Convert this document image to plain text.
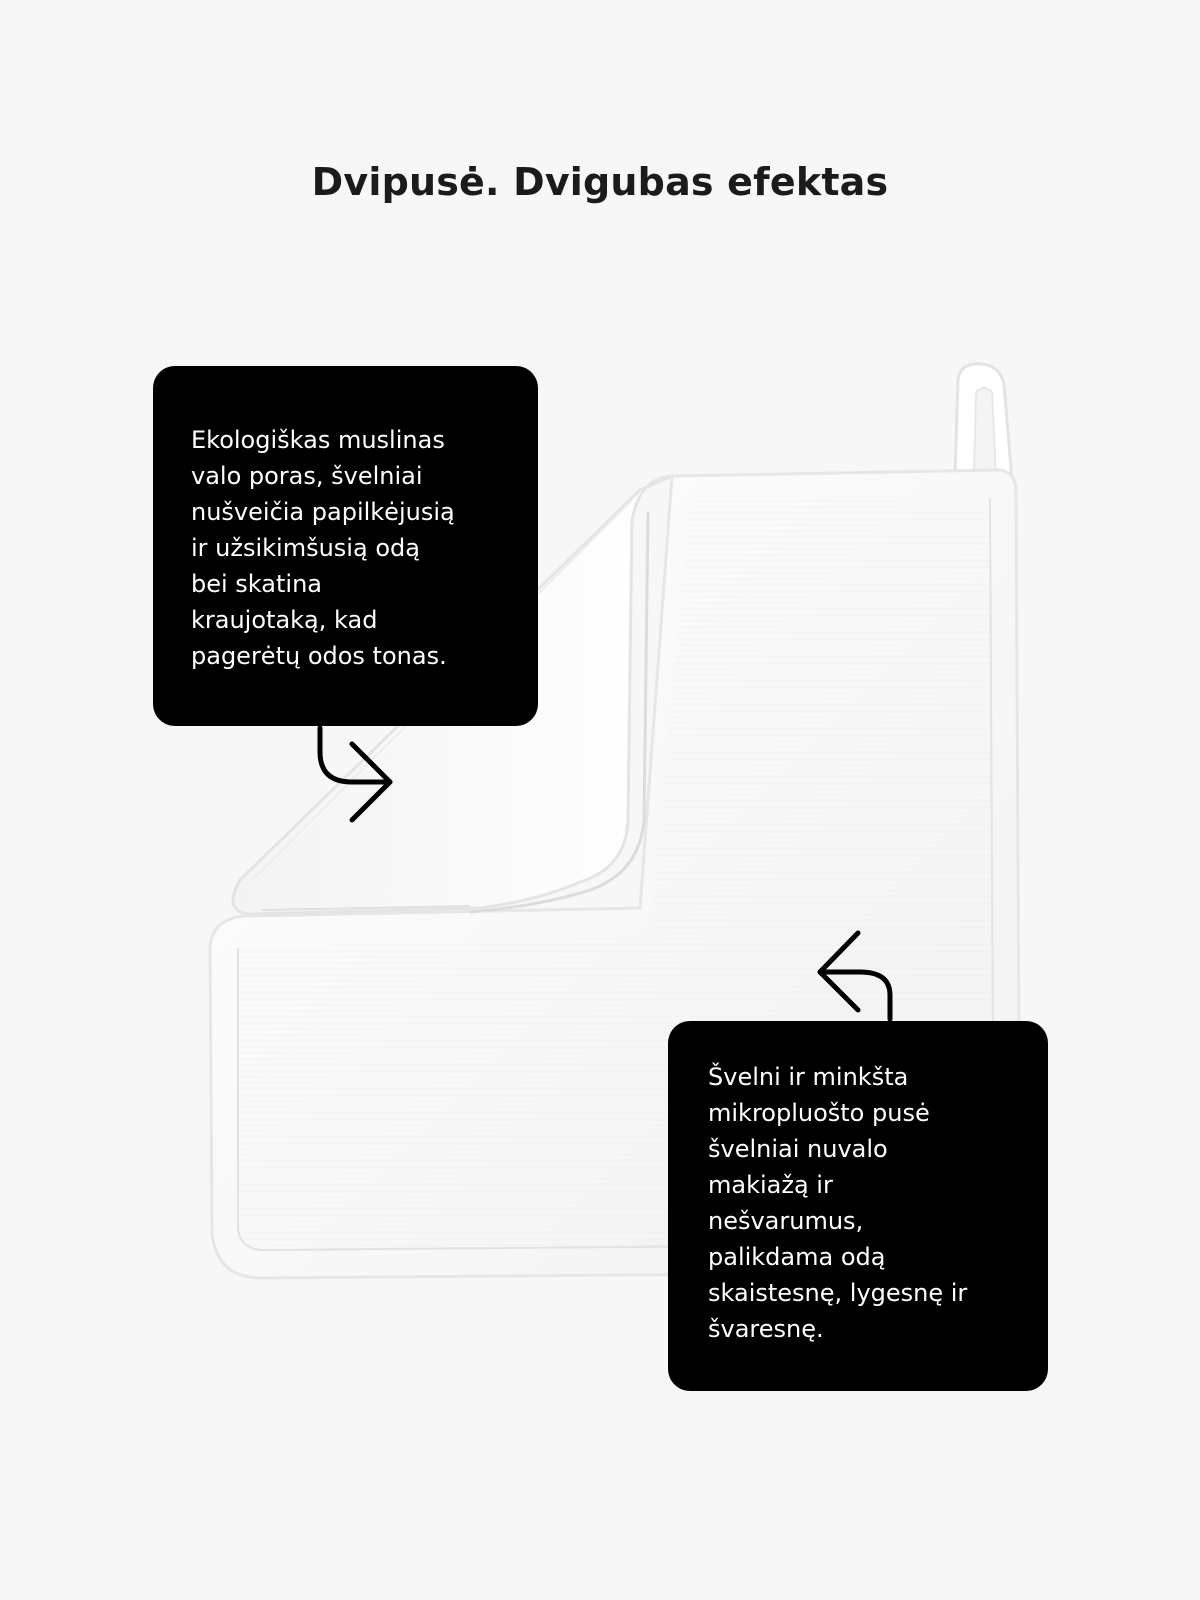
Dvipusė. Dvigubas efektas
Ekologiškas muslinas
valo poras, švelniai
nušveičia papilkėjusią
ir užsikimšusią odą
bei skatina
kraujotaką, kad
pagerėtų odos tonas.
Švelni ir minkšta
mikropluošto pusė
švelniai nuvalo
makiažą ir
nešvarumus,
palikdama odą
skaistesnę, lygesnę ir
švaresnę.
